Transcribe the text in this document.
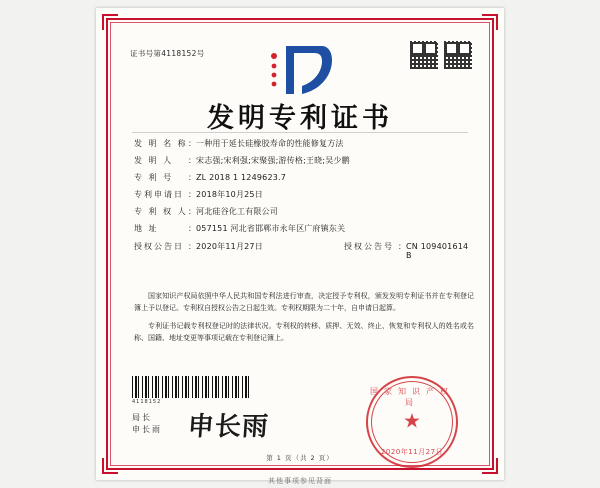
证书号第4118152号
发明专利证书
发 明 名 称 ： 一种用于延长硅橡胶寿命的性能修复方法
发 明 人	： 宋志强;宋利强;宋聚强;游传格;王晓;吴少鹏
专 利 号	： ZL 2018 1 1249623.7
专利申请日 ： 2018年10月25日
专 利 权 人 ： 河北硅谷化工有限公司
地 址	： 057151 河北省邯郸市永年区广府镇东关
授权公告日 ： 2020年11月27日	授权公告号 ： CN 109401614 B

国家知识产权局依照中华人民共和国专利法进行审查，决定授予专利权，颁发发明专利证书并在专利登记簿上予以登记。专利权自授权公告之日起生效。专利权期限为二十年，自申请日起算。

专利证书记载专利权登记时的法律状况。专利权的转移、质押、无效、终止、恢复和专利权人的姓名或名称、国籍、地址变更等事项记载在专利登记簿上。

4118152
局长
申长雨 申长雨
国家知识产权局
★
2020年11月27日
第 1 页（共 2 页）
其他事项参见背面
